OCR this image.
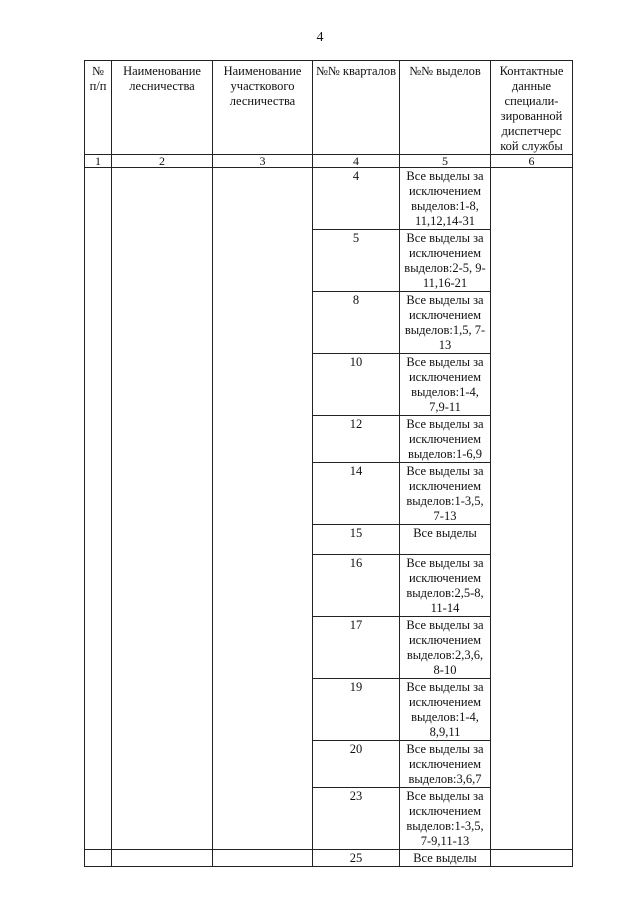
4
№ п/п	Наименование лесничества	Наименование участкового лесничества	№№ кварталов	№№ выделов	Контактные данные специали-зированной диспетчерс кой службы
1	2	3	4	5	6
			4	Все выделы за исключением выделов:1-8, 11,12,14-31	
			5	Все выделы за исключением выделов:2-5, 9-11,16-21	
			8	Все выделы за исключением выделов:1,5, 7-13	
			10	Все выделы за исключением выделов:1-4, 7,9-11	
			12	Все выделы за исключением выделов:1-6,9	
			14	Все выделы за исключением выделов:1-3,5, 7-13	
			15	Все выделы	
			16	Все выделы за исключением выделов:2,5-8, 11-14	
			17	Все выделы за исключением выделов:2,3,6, 8-10	
			19	Все выделы за исключением выделов:1-4, 8,9,11	
			20	Все выделы за исключением выделов:3,6,7	
			23	Все выделы за исключением выделов:1-3,5, 7-9,11-13	
			25	Все выделы	
